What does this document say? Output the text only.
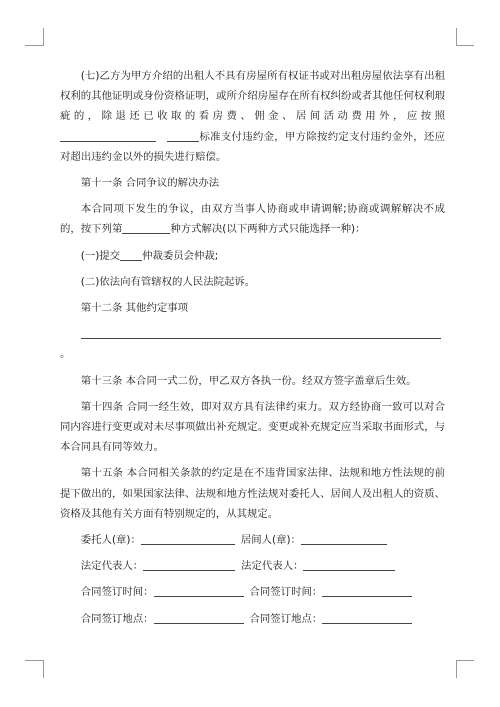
(七)乙方为甲方介绍的出租人不具有房屋所有权证书或对出租房屋依法享有出租权利的其他证明或身份资格证明，或所介绍房屋存在所有权纠纷或者其他任何权利瑕疵的，除退还已收取的看房费、佣金、居间活动费用外，应按照标准支付违约金，甲方除按约定支付违约金外，还应对超出违约金以外的损失进行赔偿。

第十一条 合同争议的解决办法

本合同项下发生的争议，由双方当事人协商或申请调解;协商或调解解决不成的，按下列第	种方式解决(以下两种方式只能选择一种)：

(一)提交 仲裁委员会仲裁;

(二)依法向有管辖权的人民法院起诉。

第十二条 其他约定事项

。

第十三条 本合同一式二份，甲乙双方各执一份。经双方签字盖章后生效。

第十四条 合同一经生效，即对双方具有法律约束力。双方经协商一致可以对合同内容进行变更或对未尽事项做出补充规定。变更或补充规定应当采取书面形式，与本合同具有同等效力。

第十五条 本合同相关条款的约定是在不违背国家法律、法规和地方性法规的前提下做出的，如果国家法律、法规和地方性法规对委托人、居间人及出租人的资质、资格及其他有关方面有特别规定的，从其规定。

委托人(章)：	居间人(章)：

法定代表人：	法定代表人：

合同签订时间：	合同签订时间：

合同签订地点：	合同签订地点：
